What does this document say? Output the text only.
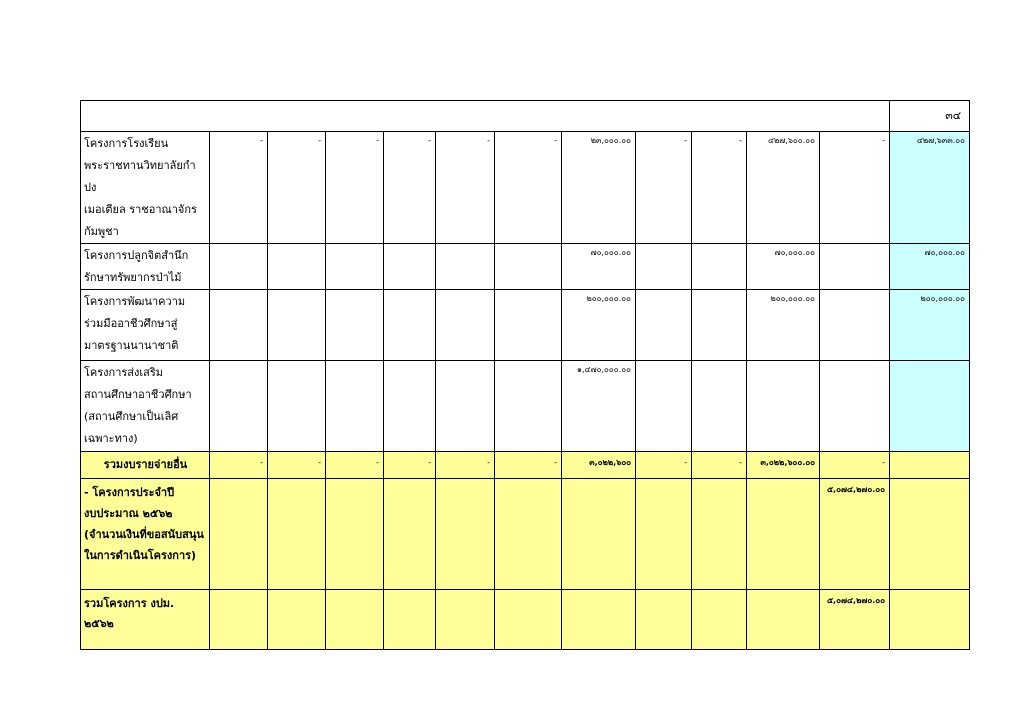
												๓๔

โครงการโรงเรียน
พระราชทานวิทยาลัยกำปง
เมอเตียล ราชอาณาจักร
กัมพูชา	-	-	-	-	-	-	๒๓,๐๐๐.๐๐	-	-	๔๒๗,๖๐๐.๐๐	-	๔๒๗,๖๓๓.๐๐

โครงการปลูกจิตสำนึก
รักษาทรัพยากรป่าไม้							๗๐,๐๐๐.๐๐			๗๐,๐๐๐.๐๐		๗๐,๐๐๐.๐๐

โครงการพัฒนาความ
ร่วมมืออาชีวศึกษาสู่
มาตรฐานนานาชาติ							๒๐๐,๐๐๐.๐๐			๒๐๐,๐๐๐.๐๐		๒๐๐,๐๐๐.๐๐

โครงการส่งเสริม
สถานศึกษาอาชีวศึกษา
(สถานศึกษาเป็นเลิศ
เฉพาะทาง)							๑,๔๗๐,๐๐๐.๐๐					
รวมงบรายจ่ายอื่น	-	-	-	-	-	-	๓,๐๒๒,๖๐๐	-	-	๓,๐๒๒,๖๐๐.๐๐	-	

- โครงการประจำปี
งบประมาณ ๒๕๖๒
(จำนวนเงินที่ขอสนับสนุน
ในการดำเนินโครงการ)											๕,๐๗๔,๒๗๐.๐๐	
รวมโครงการ งปม. ๒๕๖๒											๕,๐๗๔,๒๗๐.๐๐	
